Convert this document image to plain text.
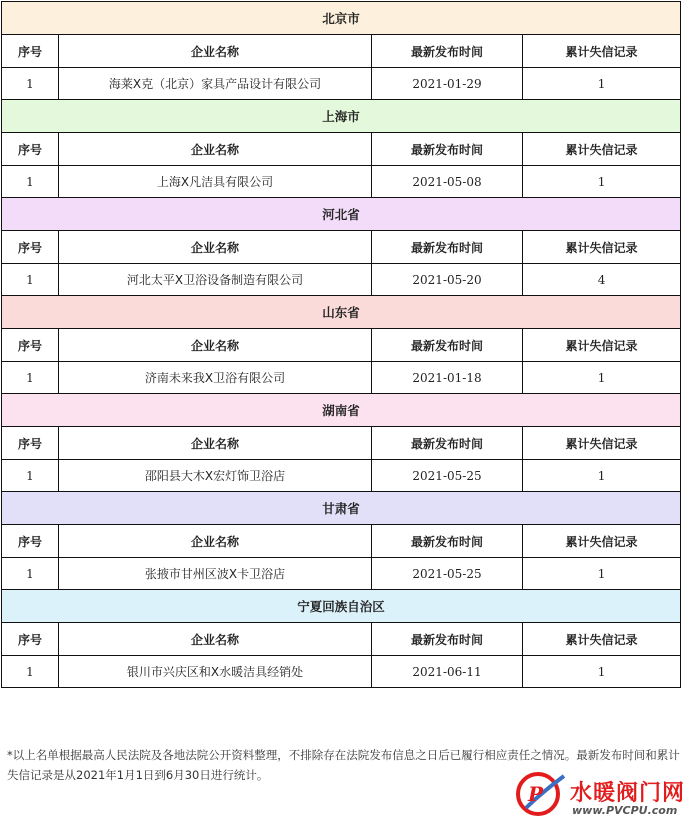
北京市			
序号	企业名称	最新发布时间	累计失信记录
1	海莱X克（北京）家具产品设计有限公司	2021-01-29	1
上海市			
序号	企业名称	最新发布时间	累计失信记录
1	上海X凡洁具有限公司	2021-05-08	1
河北省			
序号	企业名称	最新发布时间	累计失信记录
1	河北太平X卫浴设备制造有限公司	2021-05-20	4
山东省			
序号	企业名称	最新发布时间	累计失信记录
1	济南未来我X卫浴有限公司	2021-01-18	1
湖南省			
序号	企业名称	最新发布时间	累计失信记录
1	邵阳县大木X宏灯饰卫浴店	2021-05-25	1
甘肃省			
序号	企业名称	最新发布时间	累计失信记录
1	张掖市甘州区波X卡卫浴店	2021-05-25	1
宁夏回族自治区			
序号	企业名称	最新发布时间	累计失信记录
1	银川市兴庆区和X水暖洁具经销处	2021-06-11	1
*以上名单根据最高人民法院及各地法院公开资料整理，不排除存在法院发布信息之日后已履行相应责任之情况。最新发布时间和累计失信记录是从2021年1月1日到6月30日进行统计。
P 水暖阀门网
www.PVCPU.com
